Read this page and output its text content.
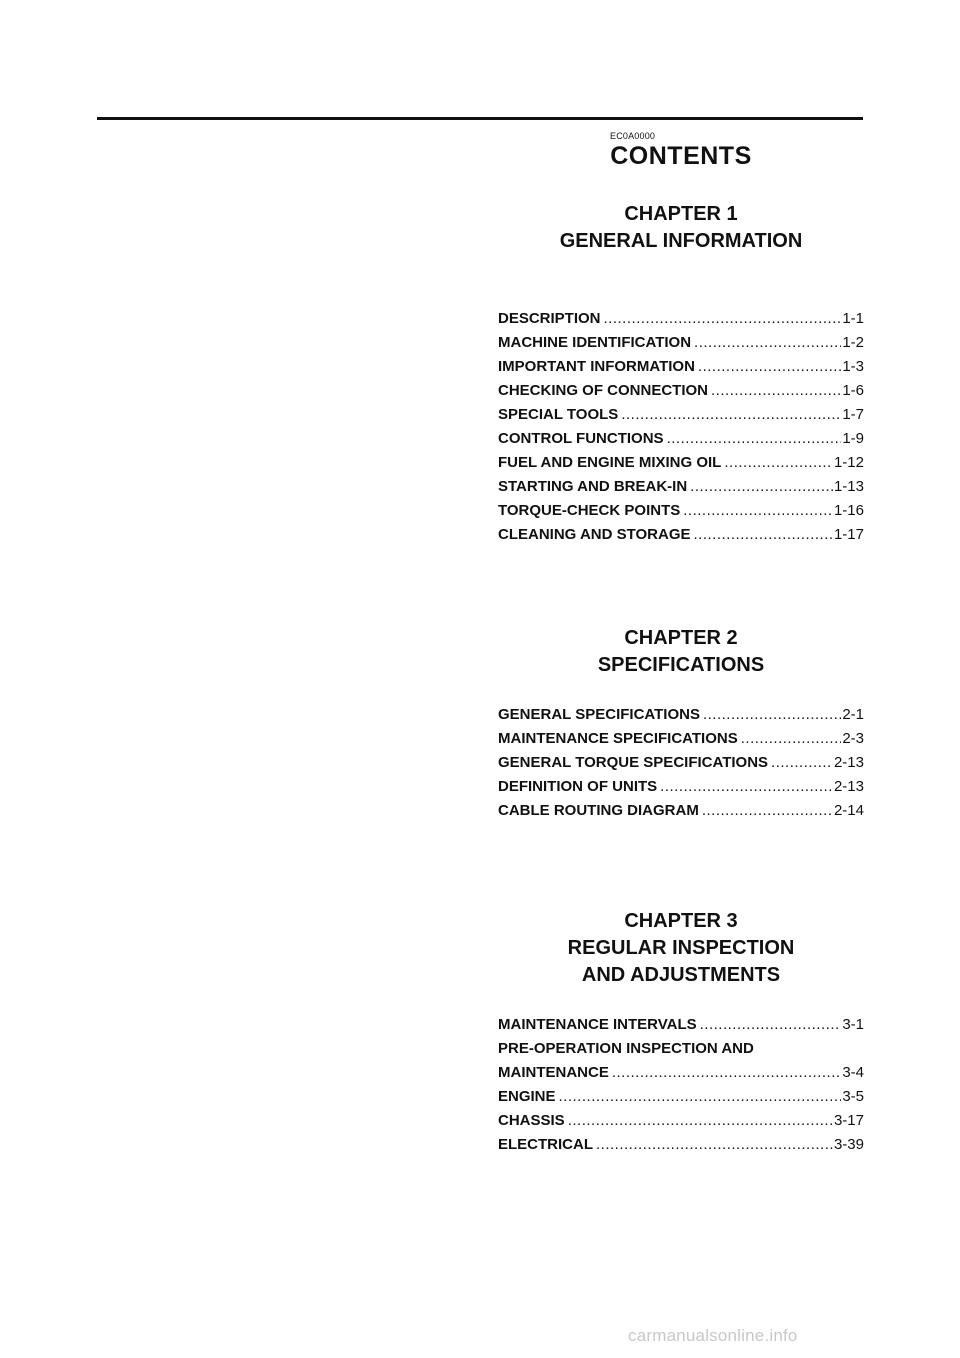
EC0A0000
CONTENTS
CHAPTER 1
GENERAL INFORMATION
DESCRIPTION .....	1-1
MACHINE IDENTIFICATION .....	1-2
IMPORTANT INFORMATION .....	1-3
CHECKING OF CONNECTION .....	1-6
SPECIAL TOOLS .....	1-7
CONTROL FUNCTIONS .....	1-9
FUEL AND ENGINE MIXING OIL .....	1-12
STARTING AND BREAK-IN .....	1-13
TORQUE-CHECK POINTS .....	1-16
CLEANING AND STORAGE .....	1-17
CHAPTER 2
SPECIFICATIONS
GENERAL SPECIFICATIONS .....	2-1
MAINTENANCE SPECIFICATIONS .....	2-3
GENERAL TORQUE SPECIFICATIONS .....	2-13
DEFINITION OF UNITS .....	2-13
CABLE ROUTING DIAGRAM .....	2-14
CHAPTER 3
REGULAR INSPECTION
AND ADJUSTMENTS
MAINTENANCE INTERVALS .....	3-1
PRE-OPERATION INSPECTION AND
MAINTENANCE .....	3-4
ENGINE .....	3-5
CHASSIS .....	3-17
ELECTRICAL .....	3-39
carmanualsonline.info
